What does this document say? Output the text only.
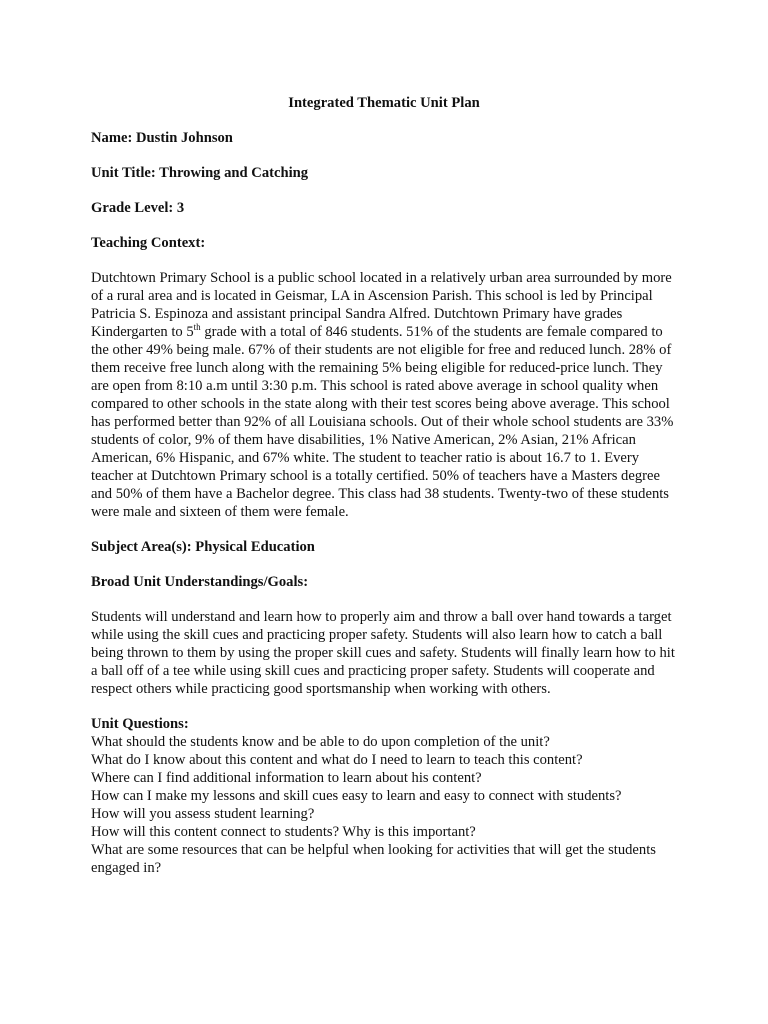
Integrated Thematic Unit Plan
Name: Dustin Johnson
Unit Title: Throwing and Catching
Grade Level: 3
Teaching Context:

Dutchtown Primary School is a public school located in a relatively urban area surrounded by more of a rural area and is located in Geismar, LA in Ascension Parish. This school is led by Principal Patricia S. Espinoza and assistant principal Sandra Alfred. Dutchtown Primary have grades Kindergarten to 5th grade with a total of 846 students. 51% of the students are female compared to the other 49% being male. 67% of their students are not eligible for free and reduced lunch. 28% of them receive free lunch along with the remaining 5% being eligible for reduced-price lunch. They are open from 8:10 a.m until 3:30 p.m. This school is rated above average in school quality when compared to other schools in the state along with their test scores being above average. This school has performed better than 92% of all Louisiana schools. Out of their whole school students are 33% students of color, 9% of them have disabilities, 1% Native American, 2% Asian, 21% African American, 6% Hispanic, and 67% white. The student to teacher ratio is about 16.7 to 1. Every teacher at Dutchtown Primary school is a totally certified. 50% of teachers have a Masters degree and 50% of them have a Bachelor degree. This class had 38 students. Twenty-two of these students were male and sixteen of them were female.

Subject Area(s): Physical Education
Broad Unit Understandings/Goals:

Students will understand and learn how to properly aim and throw a ball over hand towards a target while using the skill cues and practicing proper safety. Students will also learn how to catch a ball being thrown to them by using the proper skill cues and safety. Students will finally learn how to hit a ball off of a tee while using skill cues and practicing proper safety. Students will cooperate and respect others while practicing good sportsmanship when working with others.

Unit Questions:
What should the students know and be able to do upon completion of the unit?
What do I know about this content and what do I need to learn to teach this content?
Where can I find additional information to learn about his content?
How can I make my lessons and skill cues easy to learn and easy to connect with students?
How will you assess student learning?
How will this content connect to students? Why is this important?
What are some resources that can be helpful when looking for activities that will get the students engaged in?
